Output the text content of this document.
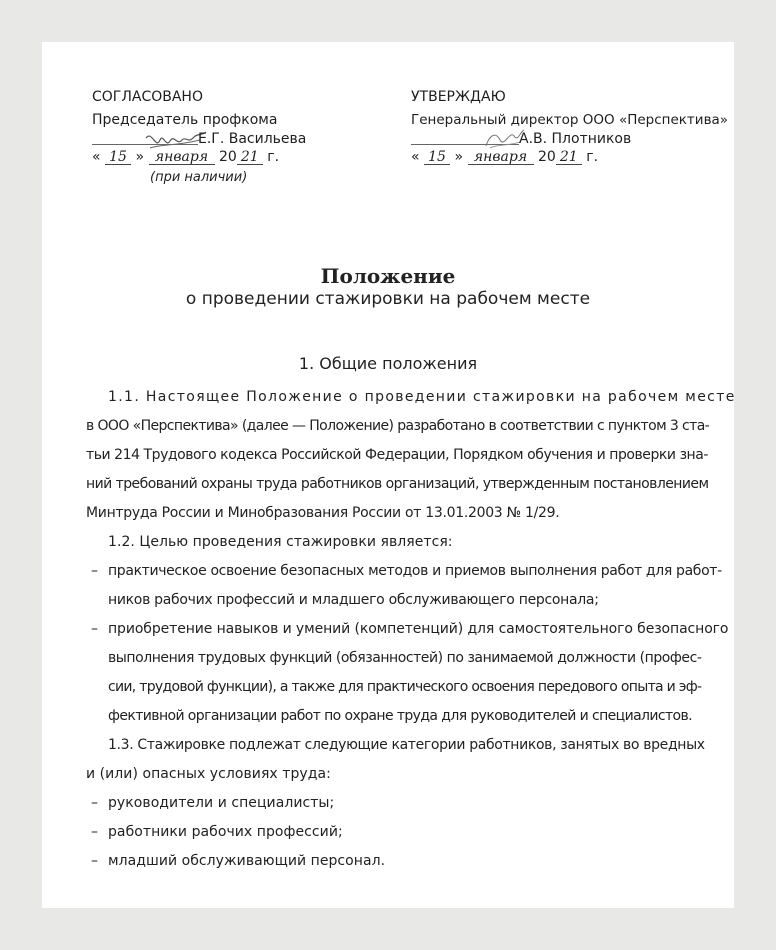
СОГЛАСОВАНО
Председатель профкома
Е.Г. Васильева
« 15 » января 20 21 г.
(при наличии)
УТВЕРЖДАЮ
Генеральный директор ООО «Перспектива»
А.В. Плотников
« 15 » января 20 21 г.
Положение
о проведении стажировки на рабочем месте
1. Общие положения
1.1. Настоящее Положение о проведении стажировки на рабочем месте
в ООО «Перспектива» (далее — Положение) разработано в соответствии с пунктом 3 ста-
тьи 214 Трудового кодекса Российской Федерации, Порядком обучения и проверки зна-
ний требований охраны труда работников организаций, утвержденным постановлением
Минтруда России и Минобразования России от 13.01.2003 № 1/29.
1.2. Целью проведения стажировки является:
– практическое освоение безопасных методов и приемов выполнения работ для работ-
ников рабочих профессий и младшего обслуживающего персонала;
– приобретение навыков и умений (компетенций) для самостоятельного безопасного
выполнения трудовых функций (обязанностей) по занимаемой должности (профес-
сии, трудовой функции), а также для практического освоения передового опыта и эф-
фективной организации работ по охране труда для руководителей и специалистов.
1.3. Стажировке подлежат следующие категории работников, занятых во вредных
и (или) опасных условиях труда:
– руководители и специалисты;
– работники рабочих профессий;
– младший обслуживающий персонал.
